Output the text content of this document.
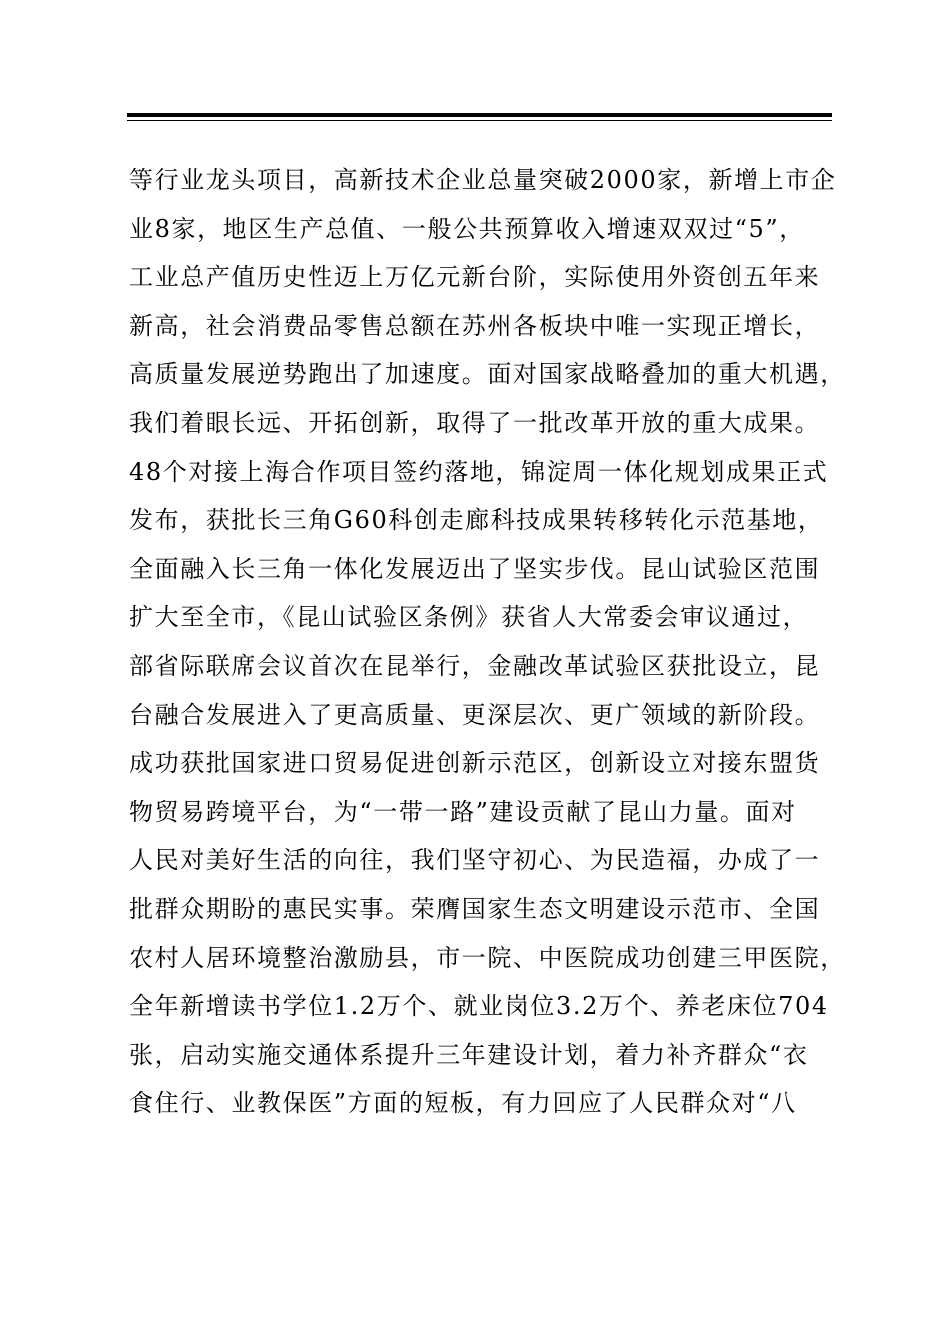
等行业龙头项目，高新技术企业总量突破2000家，新增上市企
业8家，地区生产总值、一般公共预算收入增速双双过“5”，
工业总产值历史性迈上万亿元新台阶，实际使用外资创五年来
新高，社会消费品零售总额在苏州各板块中唯一实现正增长，
高质量发展逆势跑出了加速度。面对国家战略叠加的重大机遇，
我们着眼长远、开拓创新，取得了一批改革开放的重大成果。
48个对接上海合作项目签约落地，锦淀周一体化规划成果正式
发布，获批长三角G60科创走廊科技成果转移转化示范基地，
全面融入长三角一体化发展迈出了坚实步伐。昆山试验区范围
扩大至全市，《昆山试验区条例》获省人大常委会审议通过，
部省际联席会议首次在昆举行，金融改革试验区获批设立，昆
台融合发展进入了更高质量、更深层次、更广领域的新阶段。
成功获批国家进口贸易促进创新示范区，创新设立对接东盟货
物贸易跨境平台，为“一带一路”建设贡献了昆山力量。面对
人民对美好生活的向往，我们坚守初心、为民造福，办成了一
批群众期盼的惠民实事。荣膺国家生态文明建设示范市、全国
农村人居环境整治激励县，市一院、中医院成功创建三甲医院，
全年新增读书学位1.2万个、就业岗位3.2万个、养老床位704
张，启动实施交通体系提升三年建设计划，着力补齐群众“衣
食住行、业教保医”方面的短板，有力回应了人民群众对“八
